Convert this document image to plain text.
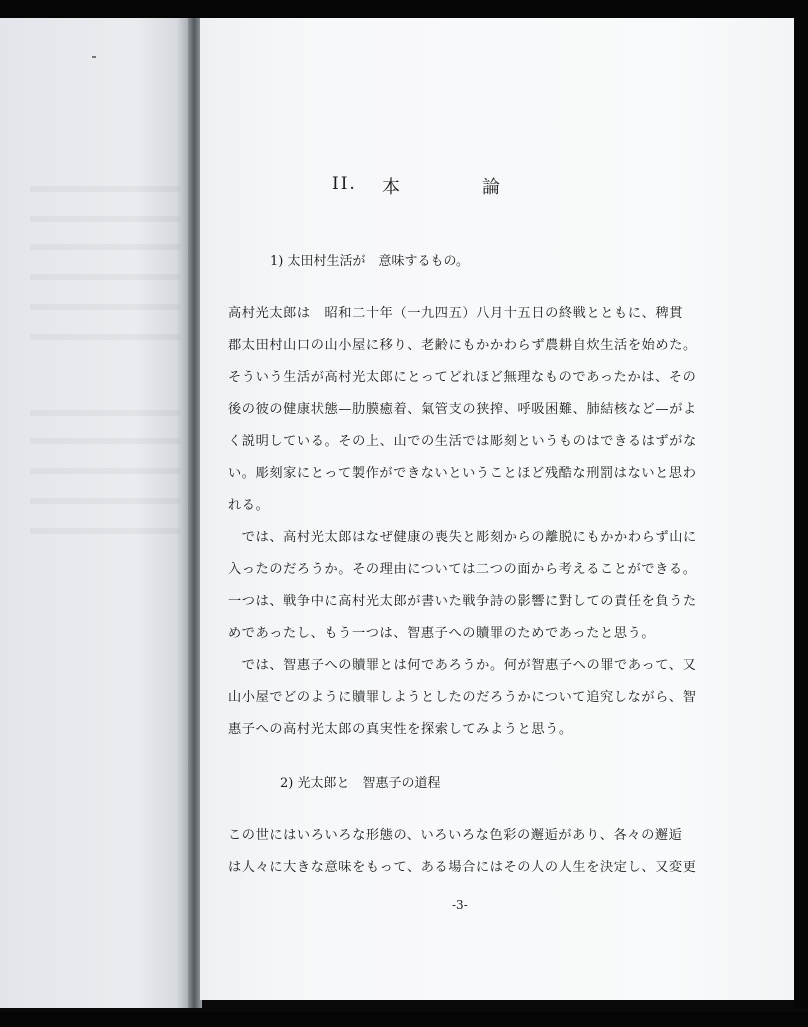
II. 本	論
1) 太田村生活が　意味するもの。
高村光太郎は　昭和二十年（一九四五）八月十五日の終戦とともに、稗貫
郡太田村山口の山小屋に移り、老齢にもかかわらず農耕自炊生活を始めた。
そういう生活が高村光太郎にとってどれほど無理なものであったかは、その
後の彼の健康状態—肋膜癒着、氣管支の狭搾、呼吸困難、肺結核など—がよ
く説明している。その上、山での生活では彫刻というものはできるはずがな
い。彫刻家にとって製作ができないということほど残酷な刑罰はないと思わ
れる。
　では、高村光太郎はなぜ健康の喪失と彫刻からの離脱にもかかわらず山に
入ったのだろうか。その理由については二つの面から考えることができる。
一つは、戦争中に高村光太郎が書いた戦争詩の影響に對しての責任を負うた
めであったし、もう一つは、智惠子への贖罪のためであったと思う。
　では、智惠子への贖罪とは何であろうか。何が智惠子への罪であって、又
山小屋でどのように贖罪しようとしたのだろうかについて追究しながら、智
惠子への高村光太郎の真実性を探索してみようと思う。
2) 光太郎と　智惠子の道程
この世にはいろいろな形態の、いろいろな色彩の邂逅があり、各々の邂逅
は人々に大きな意味をもって、ある場合にはその人の人生を決定し、又変更
-3-
